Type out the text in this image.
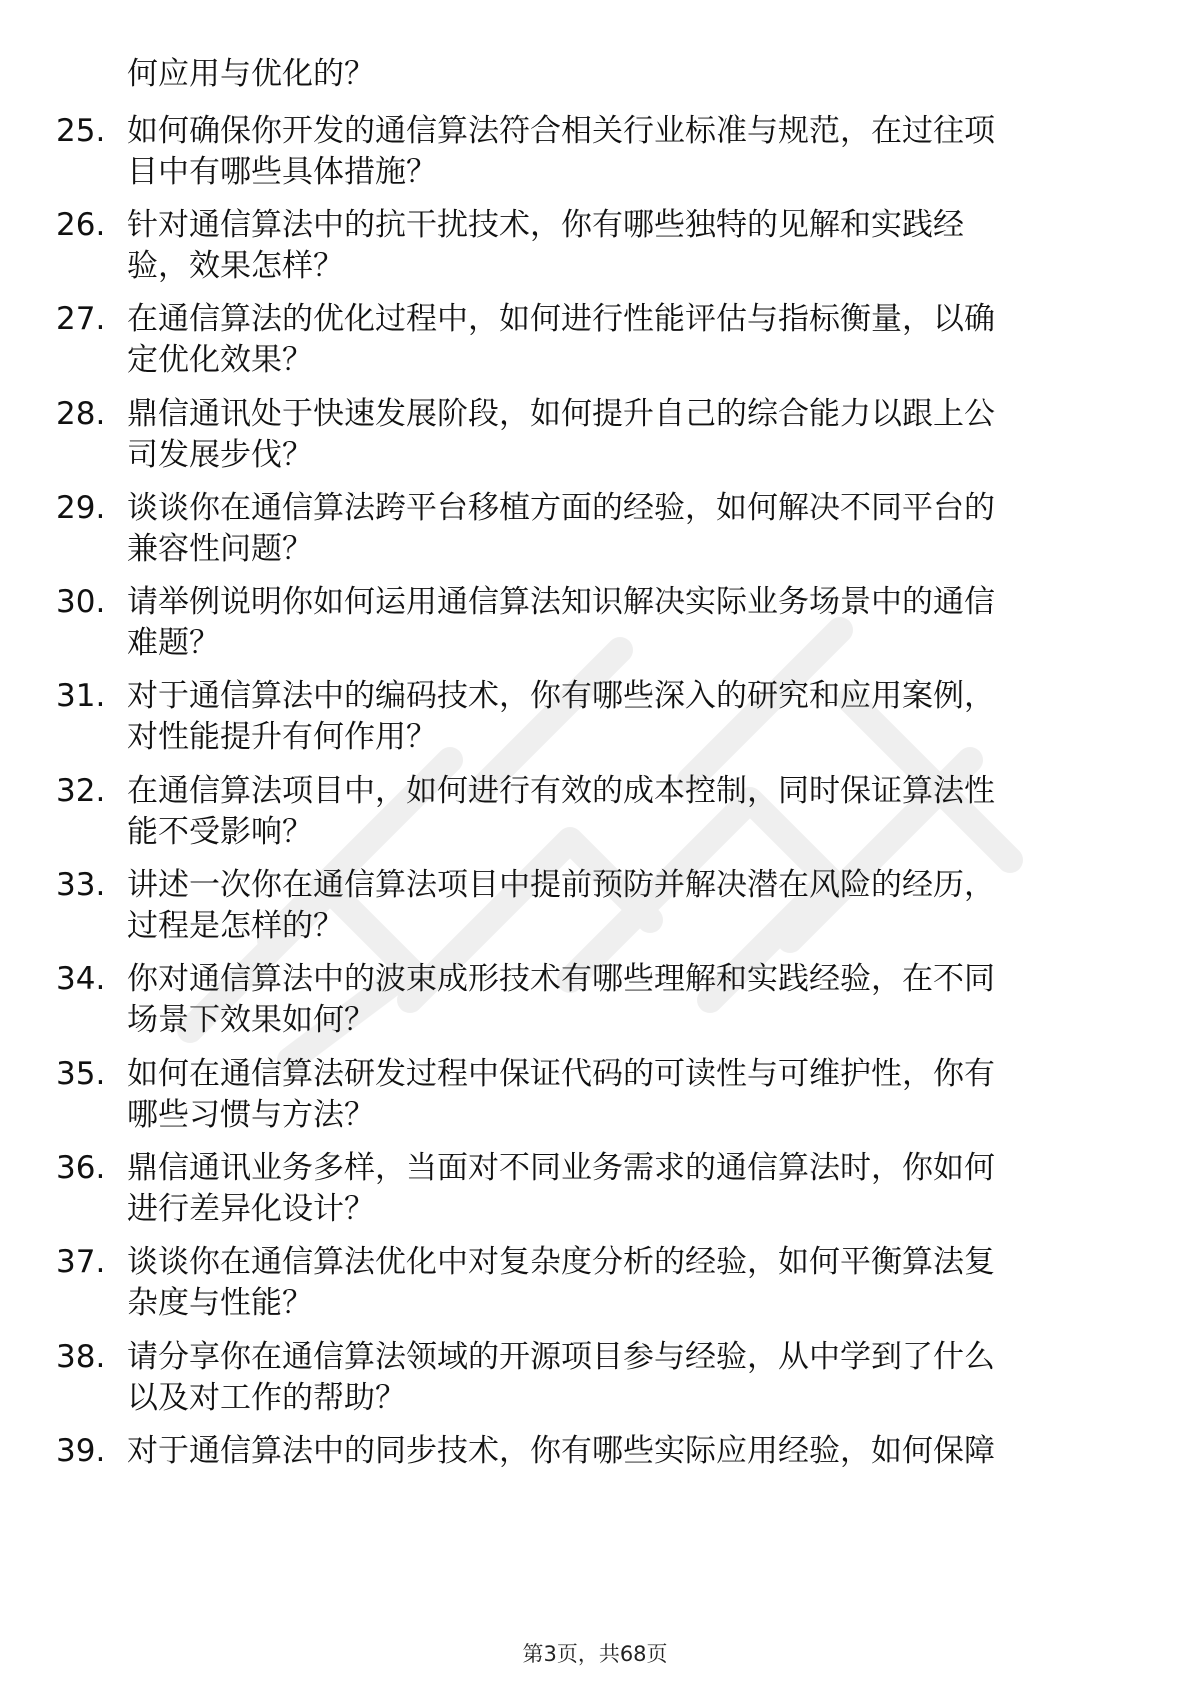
何应用与优化的？
25. 如何确保你开发的通信算法符合相关行业标准与规范，在过往项
目中有哪些具体措施？
26. 针对通信算法中的抗干扰技术，你有哪些独特的见解和实践经
验，效果怎样？
27. 在通信算法的优化过程中，如何进行性能评估与指标衡量，以确
定优化效果？
28. 鼎信通讯处于快速发展阶段，如何提升自己的综合能力以跟上公
司发展步伐？
29. 谈谈你在通信算法跨平台移植方面的经验，如何解决不同平台的
兼容性问题？
30. 请举例说明你如何运用通信算法知识解决实际业务场景中的通信
难题？
31. 对于通信算法中的编码技术，你有哪些深入的研究和应用案例，
对性能提升有何作用？
32. 在通信算法项目中，如何进行有效的成本控制，同时保证算法性
能不受影响？
33. 讲述一次你在通信算法项目中提前预防并解决潜在风险的经历，
过程是怎样的？
34. 你对通信算法中的波束成形技术有哪些理解和实践经验，在不同
场景下效果如何？
35. 如何在通信算法研发过程中保证代码的可读性与可维护性，你有
哪些习惯与方法？
36. 鼎信通讯业务多样，当面对不同业务需求的通信算法时，你如何
进行差异化设计？
37. 谈谈你在通信算法优化中对复杂度分析的经验，如何平衡算法复
杂度与性能？
38. 请分享你在通信算法领域的开源项目参与经验，从中学到了什么
以及对工作的帮助？
39. 对于通信算法中的同步技术，你有哪些实际应用经验，如何保障
第3页，共68页
